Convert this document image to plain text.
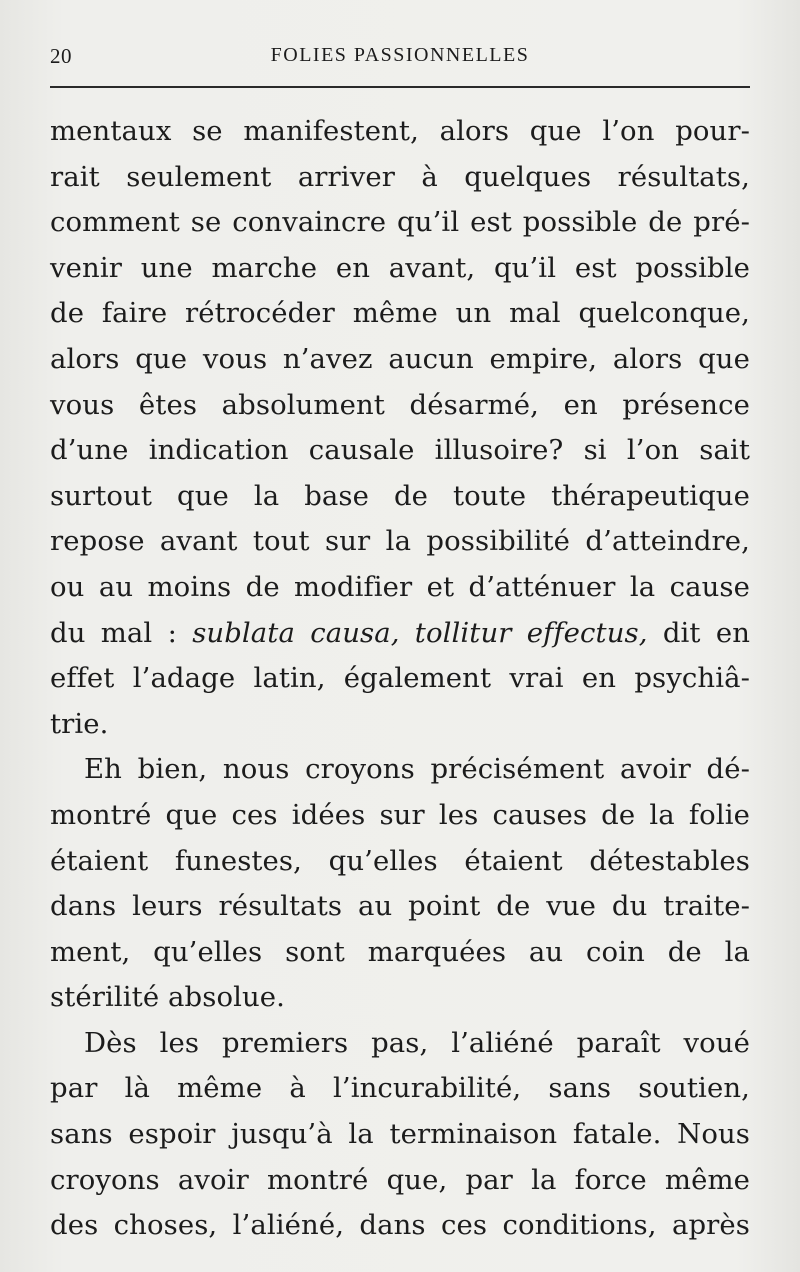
20	FOLIES PASSIONNELLES
mentaux se manifestent, alors que l’on pour-
rait seulement arriver à quelques résultats,
comment se convaincre qu’il est possible de pré-
venir une marche en avant, qu’il est possible
de faire rétrocéder même un mal quelconque,
alors que vous n’avez aucun empire, alors que
vous êtes absolument désarmé, en présence
d’une indication causale illusoire? si l’on sait
surtout que la base de toute thérapeutique
repose avant tout sur la possibilité d’atteindre,
ou au moins de modifier et d’atténuer la cause
du mal : sublata causa, tollitur effectus, dit en
effet l’adage latin, également vrai en psychiâ-
trie.
Eh bien, nous croyons précisément avoir dé-
montré que ces idées sur les causes de la folie
étaient funestes, qu’elles étaient détestables
dans leurs résultats au point de vue du traite-
ment, qu’elles sont marquées au coin de la
stérilité absolue.
Dès les premiers pas, l’aliéné paraît voué
par là même à l’incurabilité, sans soutien,
sans espoir jusqu’à la terminaison fatale. Nous
croyons avoir montré que, par la force même
des choses, l’aliéné, dans ces conditions, après
